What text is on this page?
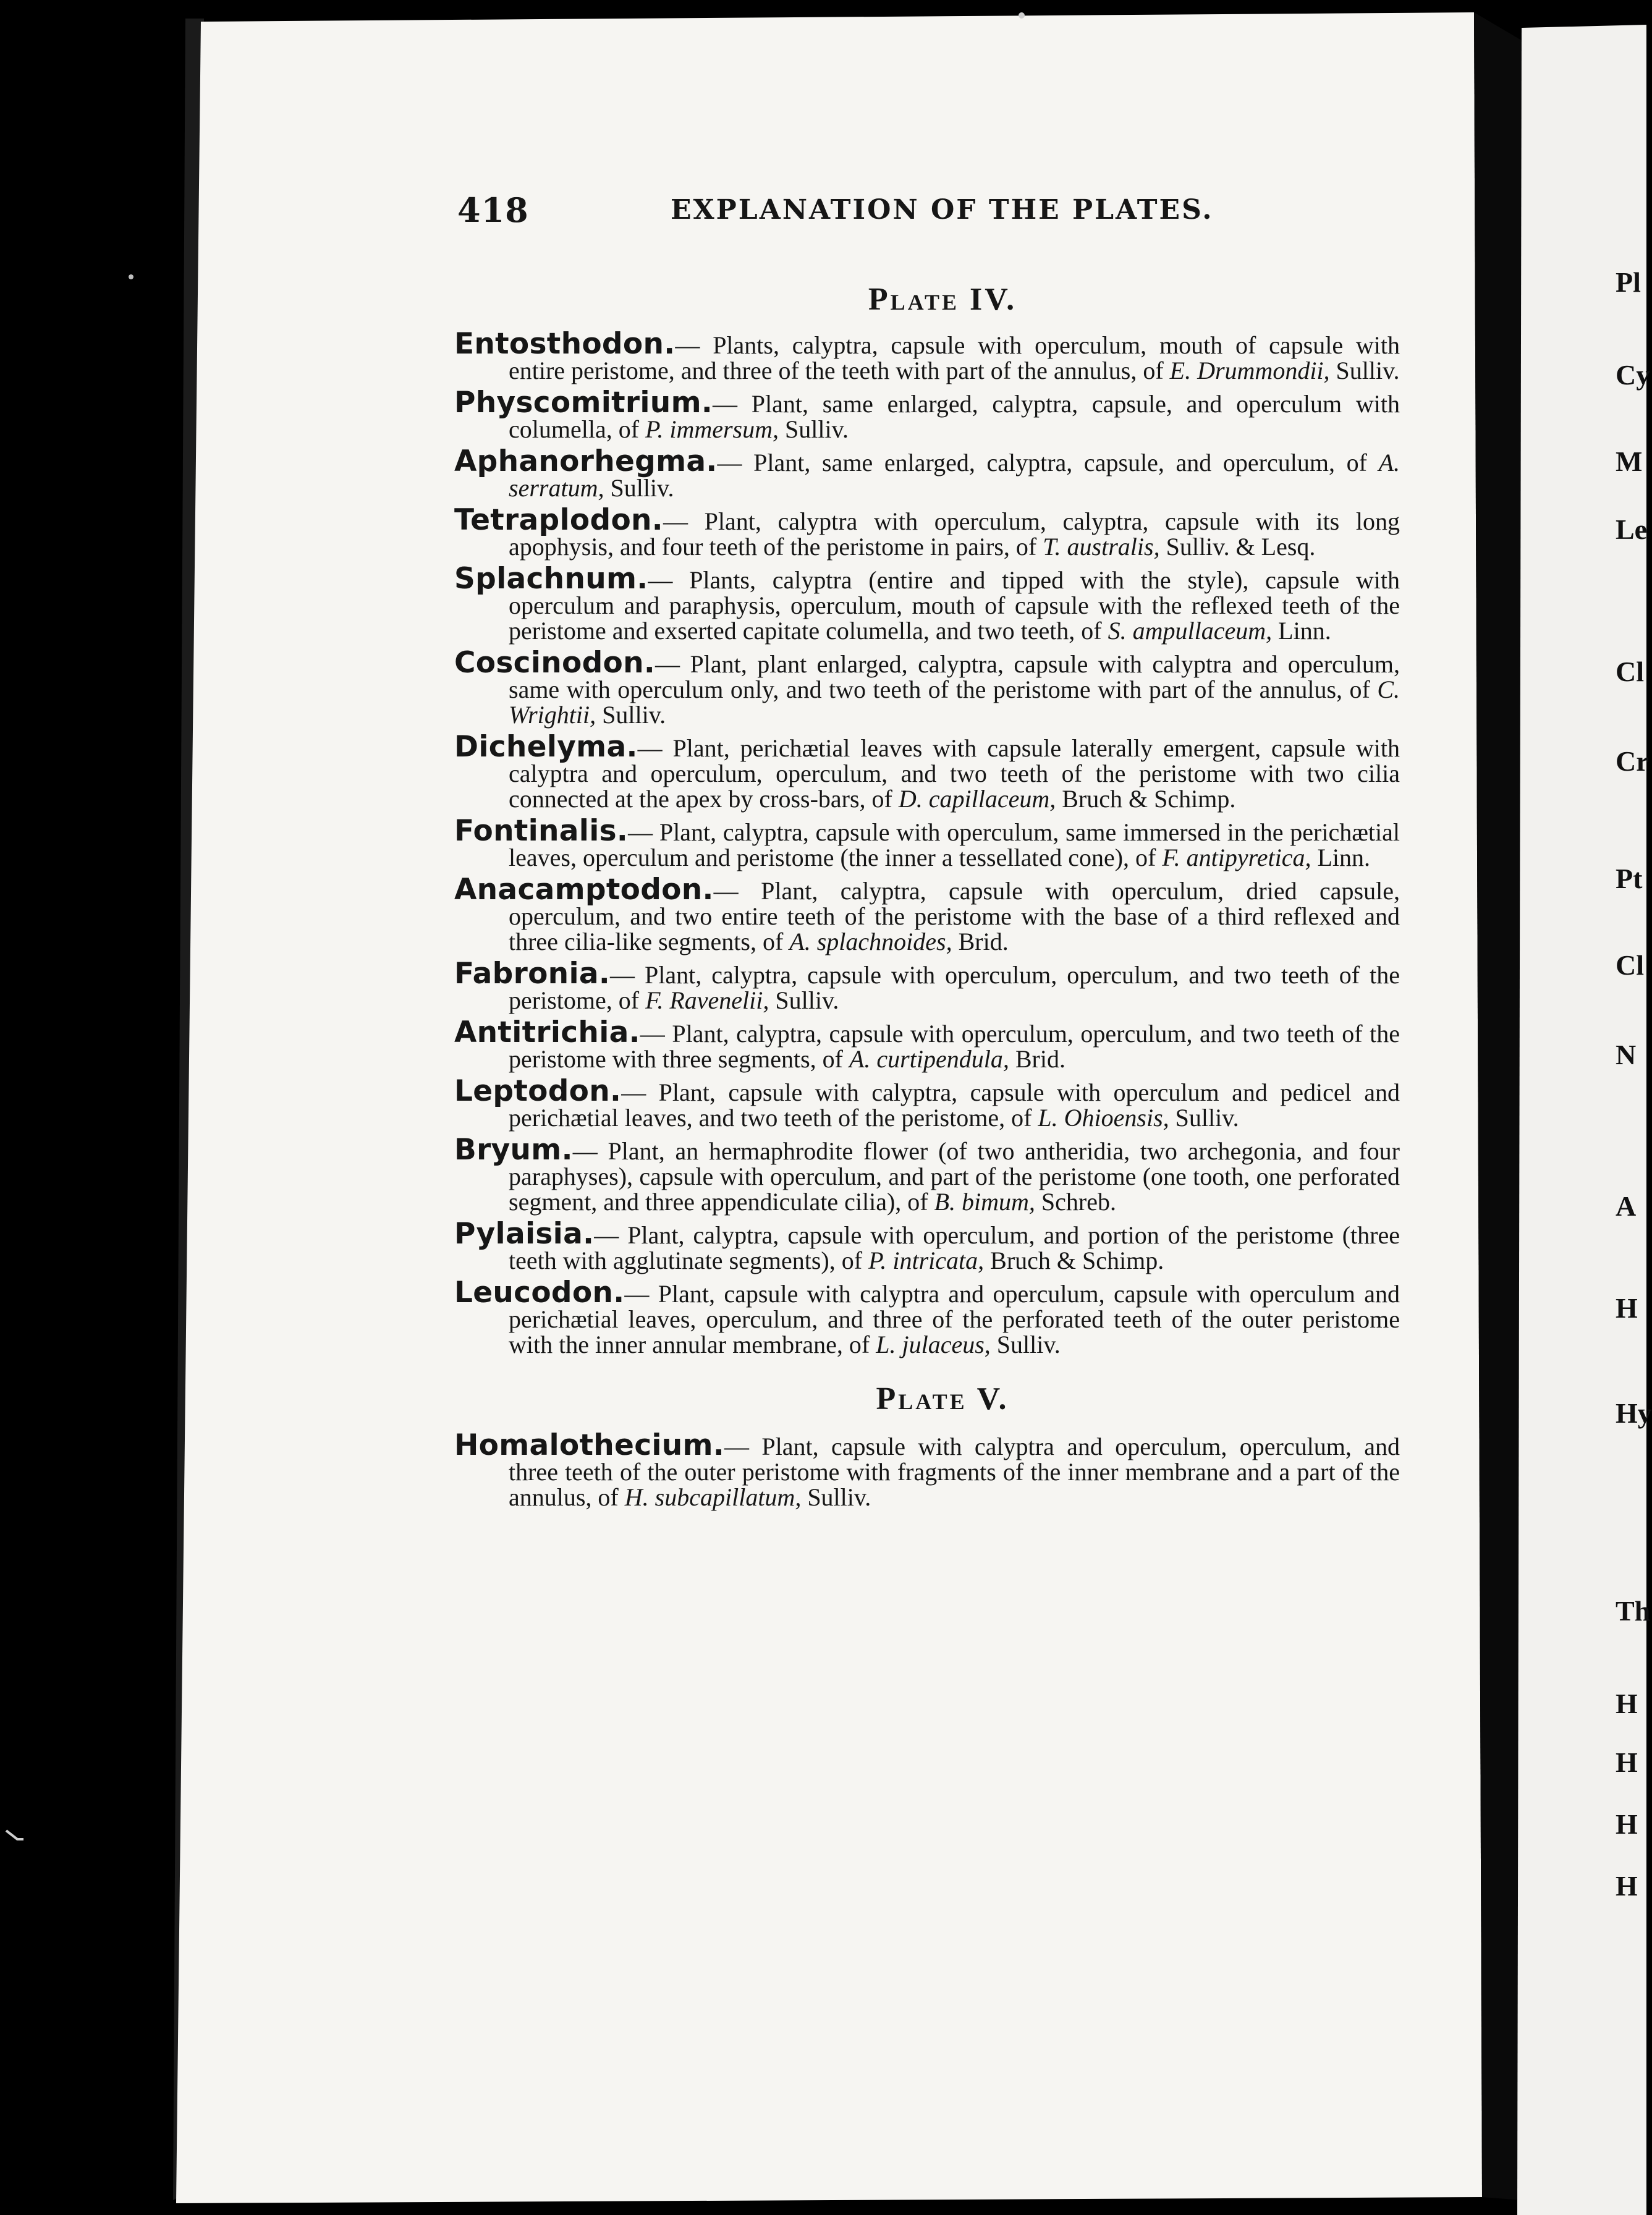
418	EXPLANATION OF THE PLATES.
Plate IV.

Entosthodon.— Plants, calyptra, capsule with operculum, mouth of capsule with entire peristome, and three of the teeth with part of the annulus, of E. Drummondii, Sulliv.

Physcomitrium.— Plant, same enlarged, calyptra, capsule, and operculum with columella, of P. immersum, Sulliv.

Aphanorhegma.— Plant, same enlarged, calyptra, capsule, and operculum, of A. serratum, Sulliv.

Tetraplodon.— Plant, calyptra with operculum, calyptra, capsule with its long apophysis, and four teeth of the peristome in pairs, of T. australis, Sulliv. & Lesq.

Splachnum.— Plants, calyptra (entire and tipped with the style), capsule with operculum and paraphysis, operculum, mouth of capsule with the reflexed teeth of the peristome and exserted capitate columella, and two teeth, of S. ampullaceum, Linn.

Coscinodon.— Plant, plant enlarged, calyptra, capsule with calyptra and operculum, same with operculum only, and two teeth of the peristome with part of the annulus, of C. Wrightii, Sulliv.

Dichelyma.— Plant, perichætial leaves with capsule laterally emergent, capsule with calyptra and operculum, operculum, and two teeth of the peristome with two cilia connected at the apex by cross-bars, of D. capillaceum, Bruch & Schimp.

Fontinalis.— Plant, calyptra, capsule with operculum, same immersed in the perichætial leaves, operculum and peristome (the inner a tessellated cone), of F. antipyretica, Linn.

Anacamptodon.— Plant, calyptra, capsule with operculum, dried capsule, operculum, and two entire teeth of the peristome with the base of a third reflexed and three cilia-like segments, of A. splachnoides, Brid.

Fabronia.— Plant, calyptra, capsule with operculum, operculum, and two teeth of the peristome, of F. Ravenelii, Sulliv.

Antitrichia.— Plant, calyptra, capsule with operculum, operculum, and two teeth of the peristome with three segments, of A. curtipendula, Brid.

Leptodon.— Plant, capsule with calyptra, capsule with operculum and pedicel and perichætial leaves, and two teeth of the peristome, of L. Ohioensis, Sulliv.

Bryum.— Plant, an hermaphrodite flower (of two antheridia, two archegonia, and four paraphyses), capsule with operculum, and part of the peristome (one tooth, one perforated segment, and three appendiculate cilia), of B. bimum, Schreb.

Pylaisia.— Plant, calyptra, capsule with operculum, and portion of the peristome (three teeth with agglutinate segments), of P. intricata, Bruch & Schimp.

Leucodon.— Plant, capsule with calyptra and operculum, capsule with operculum and perichætial leaves, operculum, and three of the perforated teeth of the outer peristome with the inner annular membrane, of L. julaceus, Sulliv.

Plate V.

Homalothecium.— Plant, capsule with calyptra and operculum, operculum, and three teeth of the outer peristome with fragments of the inner membrane and a part of the annulus, of H. subcapillatum, Sulliv.

Pl
Cy
M
Le
Cl
Cr
Pt
Cl
N
A
H
Hy
Th
H
H
H
H
